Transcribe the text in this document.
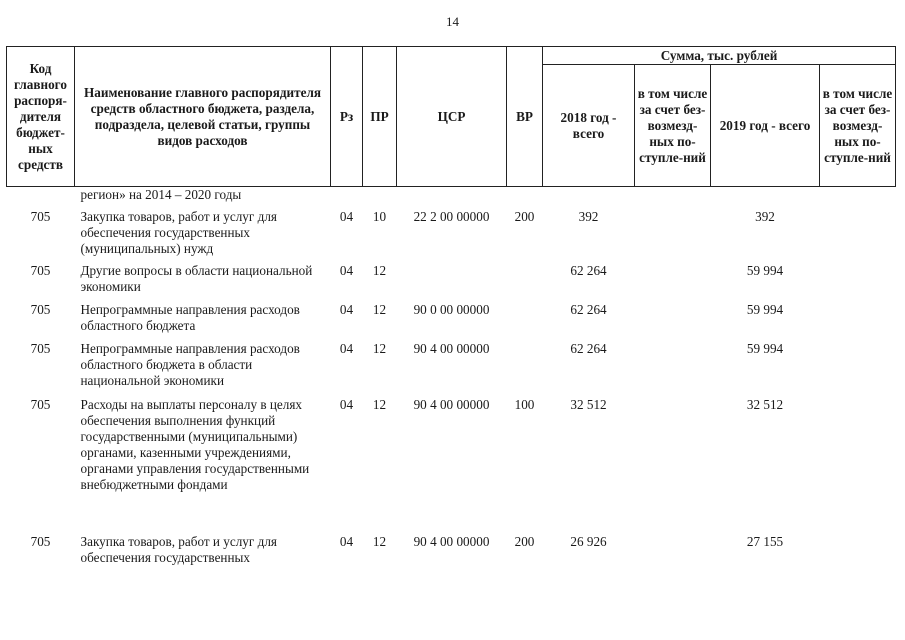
14
Код главного распоря-дителя бюджет-ных средств	Наименование главного распорядителя средств областного бюджета, раздела, подраздела, целевой статьи, группы видов расходов	Рз	ПР	ЦСР	ВР	Сумма, тыс. рублей			
						2018 год - всего	в том числе за счет без-возмезд-ных по-ступле-ний	2019 год - всего	в том числе за счет без-возмезд-ных по-ступле-ний
	регион» на 2014 – 2020 годы								
705	Закупка товаров, работ и услуг для обеспечения государственных (муниципальных) нужд	04	10	22 2 00 00000	200	392		392	
705	Другие вопросы в области национальной экономики	04	12			62 264		59 994	
705	Непрограммные направления расходов областного бюджета	04	12	90 0 00 00000		62 264		59 994	
705	Непрограммные направления расходов областного бюджета в области национальной экономики	04	12	90 4 00 00000		62 264		59 994	
705	Расходы на выплаты персоналу в целях обеспечения выполнения функций государственными (муниципальными) органами, казенными учреждениями, органами управления государственными внебюджетными фондами	04	12	90 4 00 00000	100	32 512		32 512	
705	Закупка товаров, работ и услуг для обеспечения государственных	04	12	90 4 00 00000	200	26 926		27 155	
